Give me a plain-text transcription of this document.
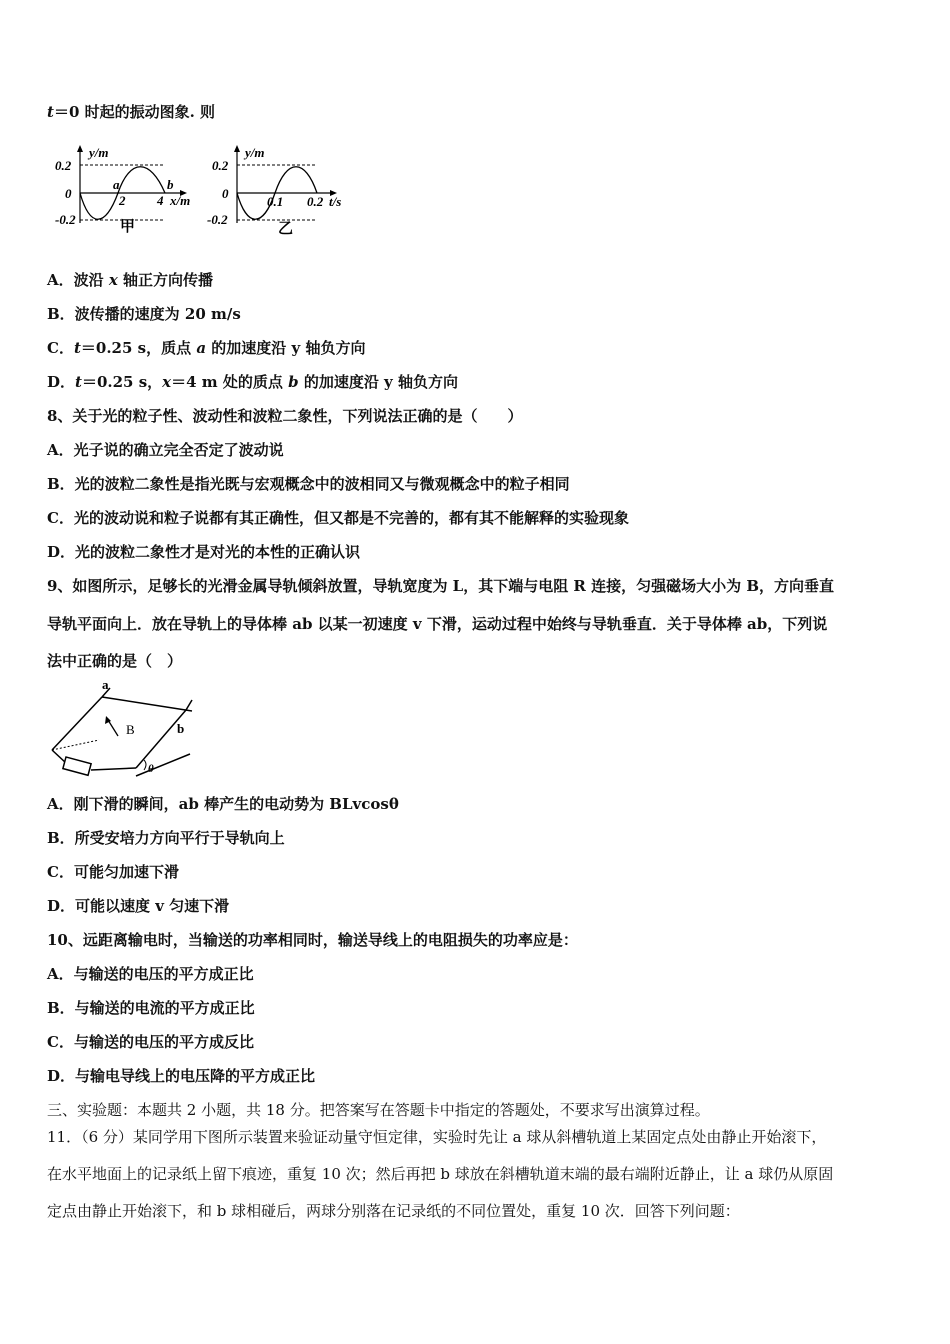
t＝0 时起的振动图象. 则
y/m
0.2
0
-0.2
a	b
2 4 x/m
甲
y/m
0.2
0
-0.2
0.1 0.2 t/s
乙
A．波沿 x 轴正方向传播
B．波传播的速度为 20 m/s
C．t＝0.25 s，质点 a 的加速度沿 y 轴负方向
D．t＝0.25 s，x＝4 m 处的质点 b 的加速度沿 y 轴负方向
8、关于光的粒子性、波动性和波粒二象性，下列说法正确的是（　　）
A．光子说的确立完全否定了波动说
B．光的波粒二象性是指光既与宏观概念中的波相同又与微观概念中的粒子相同
C．光的波动说和粒子说都有其正确性，但又都是不完善的，都有其不能解释的实验现象
D．光的波粒二象性才是对光的本性的正确认识
9、如图所示，足够长的光滑金属导轨倾斜放置，导轨宽度为 L，其下端与电阻 R 连接，匀强磁场大小为 B，方向垂直
导轨平面向上．放在导轨上的导体棒 ab 以某一初速度 v 下滑，运动过程中始终与导轨垂直．关于导体棒 ab，下列说
法中正确的是（　）
a
b
B
θ
A．刚下滑的瞬间，ab 棒产生的电动势为 BLvcosθ
B．所受安培力方向平行于导轨向上
C．可能匀加速下滑
D．可能以速度 v 匀速下滑
10、远距离输电时，当输送的功率相同时，输送导线上的电阻损失的功率应是：
A．与输送的电压的平方成正比
B．与输送的电流的平方成正比
C．与输送的电压的平方成反比
D．与输电导线上的电压降的平方成正比
三、实验题：本题共 2 小题，共 18 分。把答案写在答题卡中指定的答题处，不要求写出演算过程。
11．（6 分）某同学用下图所示装置来验证动量守恒定律，实验时先让 a 球从斜槽轨道上某固定点处由静止开始滚下，
在水平地面上的记录纸上留下痕迹，重复 10 次；然后再把 b 球放在斜槽轨道末端的最右端附近静止，让 a 球仍从原固
定点由静止开始滚下，和 b 球相碰后，两球分别落在记录纸的不同位置处，重复 10 次．回答下列问题：
